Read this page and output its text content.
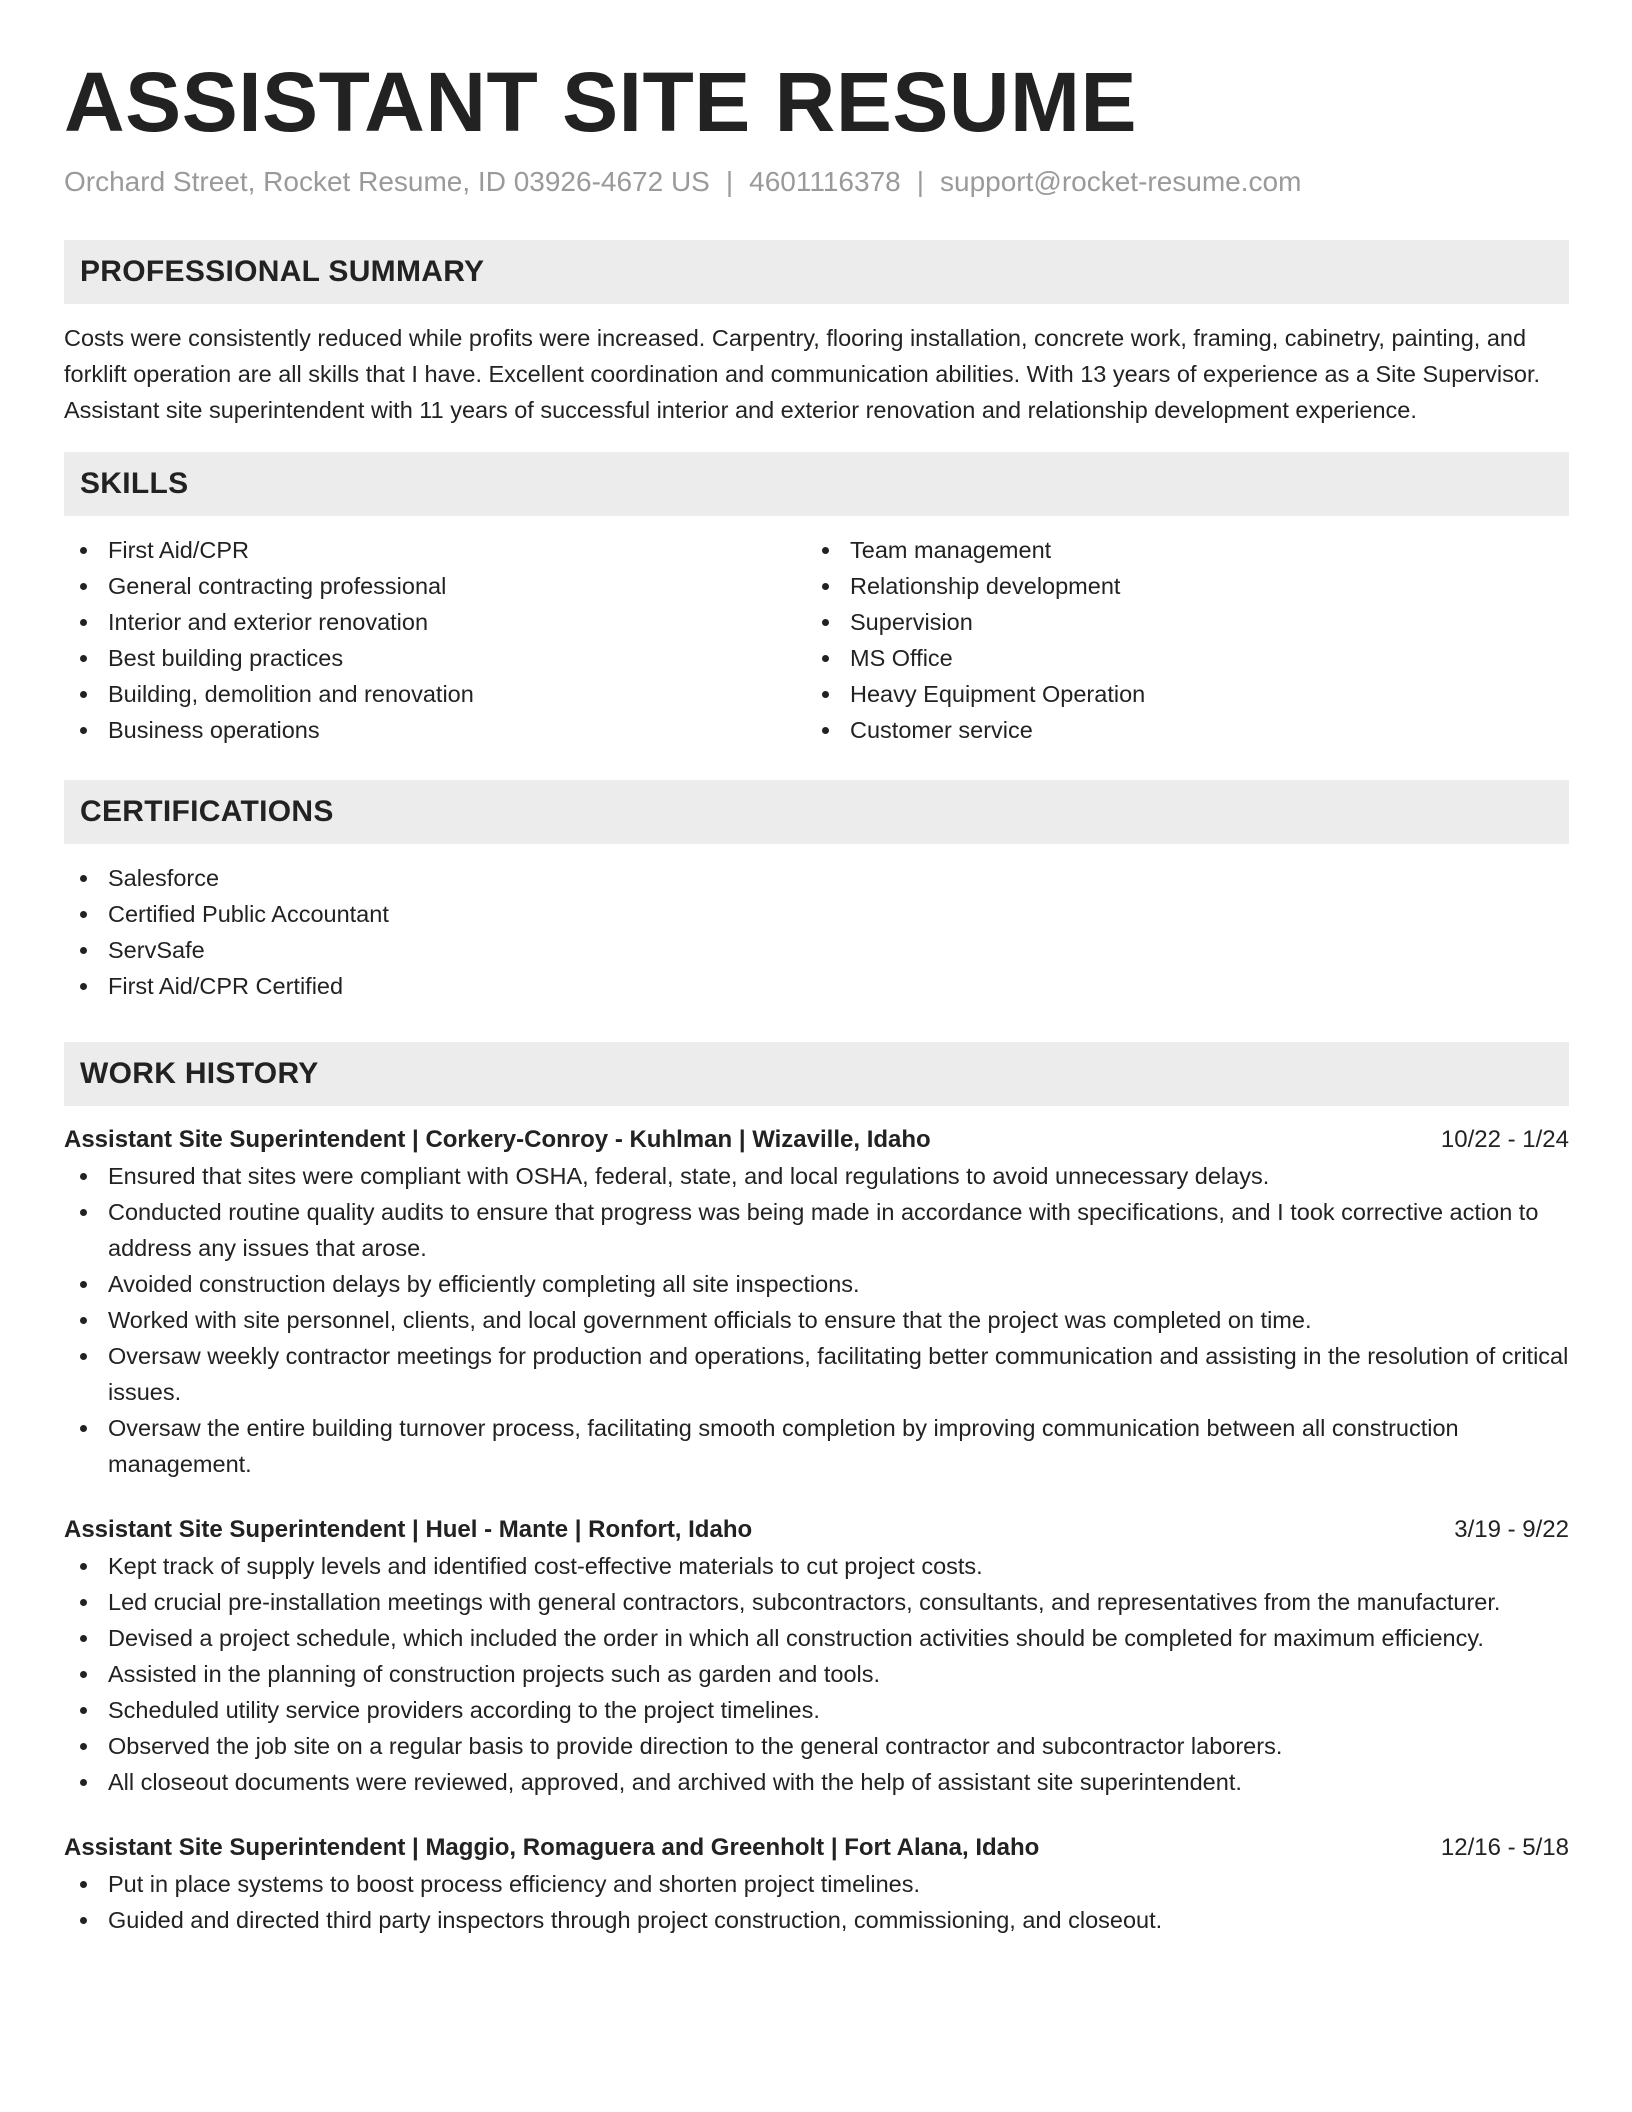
ASSISTANT SITE RESUME
Orchard Street, Rocket Resume, ID 03926-4672 US | 4601116378 | support@rocket-resume.com
PROFESSIONAL SUMMARY

Costs were consistently reduced while profits were increased. Carpentry, flooring installation, concrete work, framing, cabinetry, painting, and forklift operation are all skills that I have. Excellent coordination and communication abilities. With 13 years of experience as a Site Supervisor. Assistant site superintendent with 11 years of successful interior and exterior renovation and relationship development experience.

SKILLS
First Aid/CPR
General contracting professional
Interior and exterior renovation
Best building practices
Building, demolition and renovation
Business operations
Team management
Relationship development
Supervision
MS Office
Heavy Equipment Operation
Customer service
CERTIFICATIONS
Salesforce
Certified Public Accountant
ServSafe
First Aid/CPR Certified
WORK HISTORY
Assistant Site Superintendent | Corkery-Conroy - Kuhlman | Wizaville, Idaho	10/22 - 1/24
Ensured that sites were compliant with OSHA, federal, state, and local regulations to avoid unnecessary delays.
Conducted routine quality audits to ensure that progress was being made in accordance with specifications, and I took corrective action to address any issues that arose.
Avoided construction delays by efficiently completing all site inspections.
Worked with site personnel, clients, and local government officials to ensure that the project was completed on time.
Oversaw weekly contractor meetings for production and operations, facilitating better communication and assisting in the resolution of critical issues.
Oversaw the entire building turnover process, facilitating smooth completion by improving communication between all construction management.
Assistant Site Superintendent | Huel - Mante | Ronfort, Idaho	3/19 - 9/22
Kept track of supply levels and identified cost-effective materials to cut project costs.
Led crucial pre-installation meetings with general contractors, subcontractors, consultants, and representatives from the manufacturer.
Devised a project schedule, which included the order in which all construction activities should be completed for maximum efficiency.
Assisted in the planning of construction projects such as garden and tools.
Scheduled utility service providers according to the project timelines.
Observed the job site on a regular basis to provide direction to the general contractor and subcontractor laborers.
All closeout documents were reviewed, approved, and archived with the help of assistant site superintendent.
Assistant Site Superintendent | Maggio, Romaguera and Greenholt | Fort Alana, Idaho	12/16 - 5/18
Put in place systems to boost process efficiency and shorten project timelines.
Guided and directed third party inspectors through project construction, commissioning, and closeout.
